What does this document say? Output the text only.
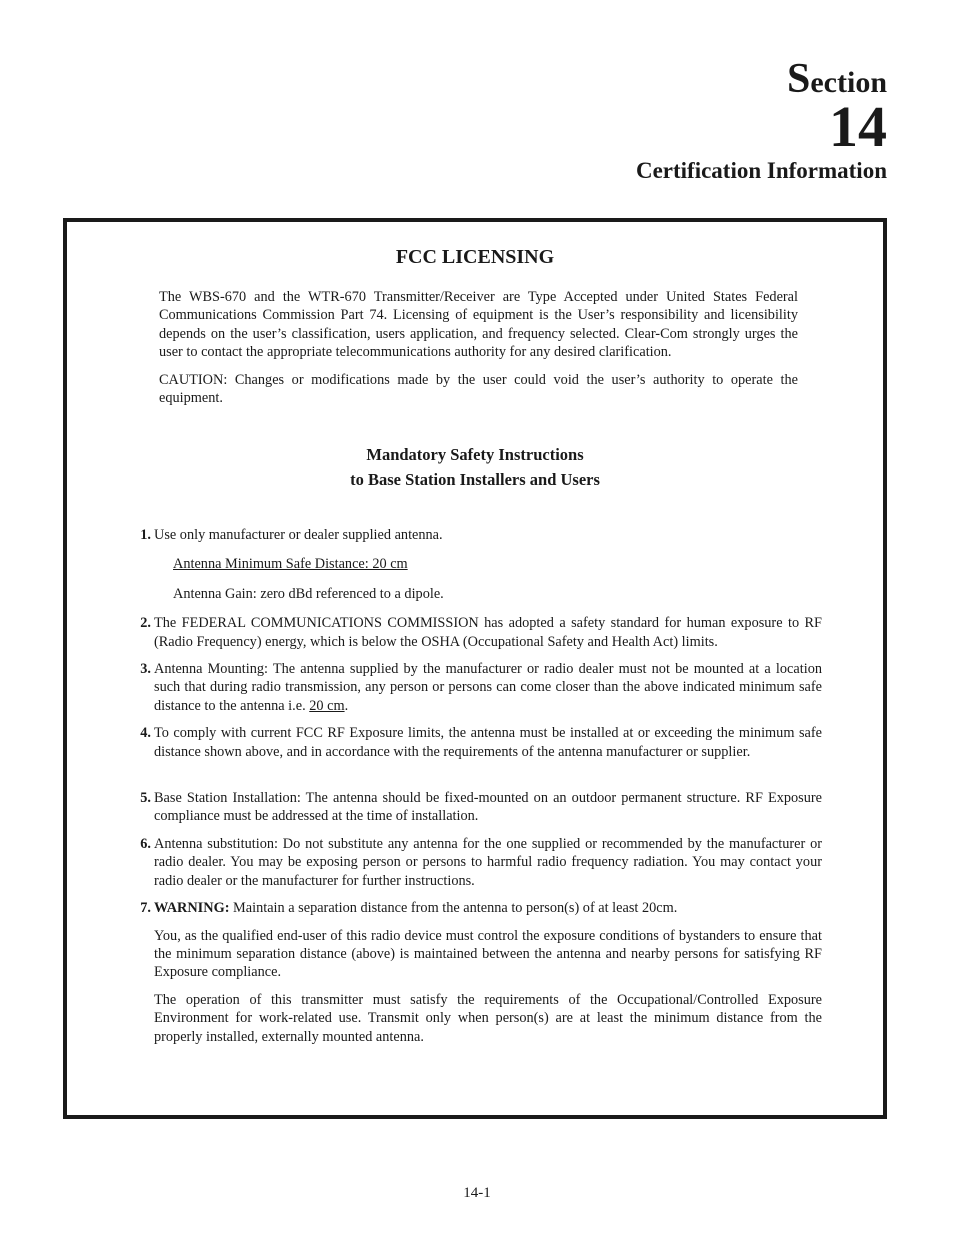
Section
14
Certification Information
FCC LICENSING

The WBS-670 and the WTR-670 Transmitter/Receiver are Type Accepted under United States Federal Communications Commission Part 74. Licensing of equipment is the User’s responsibility and licensibility depends on the user’s classification, users application, and frequency selected. Clear-Com strongly urges the user to contact the appropriate telecommunications authority for any desired clarification.

CAUTION: Changes or modifications made by the user could void the user’s authority to operate the equipment.

Mandatory Safety Instructions
to Base Station Installers and Users
1. Use only manufacturer or dealer supplied antenna.
Antenna Minimum Safe Distance: 20 cm
Antenna Gain: zero dBd referenced to a dipole.
2. The FEDERAL COMMUNICATIONS COMMISSION has adopted a safety standard for human exposure to RF (Radio Frequency) energy, which is below the OSHA (Occupational Safety and Health Act) limits.
3. Antenna Mounting: The antenna supplied by the manufacturer or radio dealer must not be mounted at a location such that during radio transmission, any person or persons can come closer than the above indicated minimum safe distance to the antenna i.e. 20 cm.
4. To comply with current FCC RF Exposure limits, the antenna must be installed at or exceeding the minimum safe distance shown above, and in accordance with the requirements of the antenna manufacturer or supplier.
5. Base Station Installation: The antenna should be fixed-mounted on an outdoor permanent structure. RF Exposure compliance must be addressed at the time of installation.
6. Antenna substitution: Do not substitute any antenna for the one supplied or recommended by the manufacturer or radio dealer. You may be exposing person or persons to harmful radio frequency radiation. You may contact your radio dealer or the manufacturer for further instructions.
7. WARNING: Maintain a separation distance from the antenna to person(s) of at least 20cm.
You, as the qualified end-user of this radio device must control the exposure conditions of bystanders to ensure that the minimum separation distance (above) is maintained between the antenna and nearby persons for satisfying RF Exposure compliance.
The operation of this transmitter must satisfy the requirements of the Occupational/Controlled Exposure Environment for work-related use. Transmit only when person(s) are at least the minimum distance from the properly installed, externally mounted antenna.
14-1
